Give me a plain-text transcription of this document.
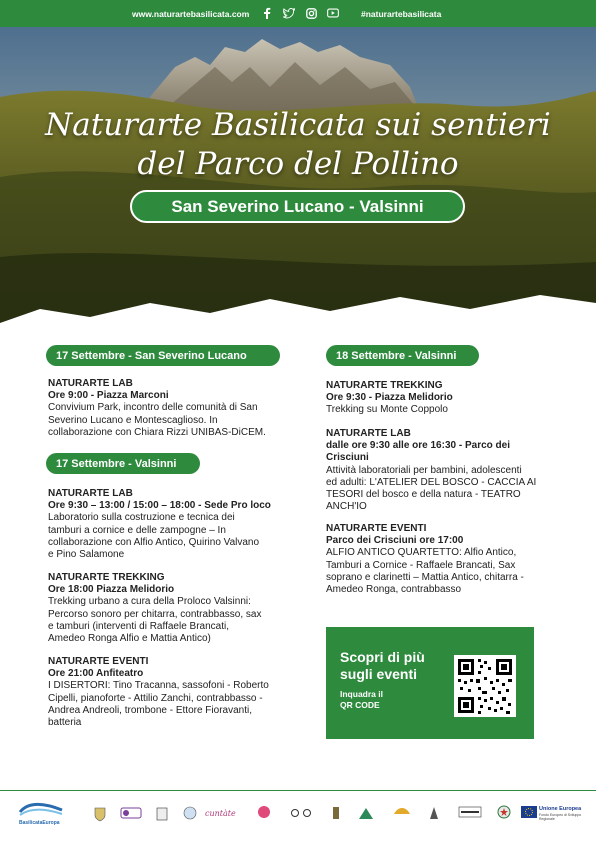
www.naturartebasilicata.com	#naturartebasilicata
Naturarte Basilicata sui sentieri
del Parco del Pollino
San Severino Lucano - Valsinni
17 Settembre - San Severino Lucano
NATURARTE LAB
Ore 9:00 - Piazza Marconi
Convivium Park, incontro delle comunità di San
Severino Lucano e Montescaglioso. In
collaborazione con Chiara Rizzi UNIBAS-DiCEM.
17 Settembre - Valsinni
NATURARTE LAB
Ore 9:30 – 13:00 / 15:00 – 18:00 - Sede Pro loco
Laboratorio sulla costruzione e tecnica dei
tamburi a cornice e delle zampogne – In
collaborazione con Alfio Antico, Quirino Valvano
e Pino Salamone
NATURARTE TREKKING
Ore 18:00 Piazza Melidorio
Trekking urbano a cura della Proloco Valsinni:
Percorso sonoro per chitarra, contrabbasso, sax
e tamburi (interventi di Raffaele Brancati,
Amedeo Ronga Alfio e Mattia Antico)
NATURARTE EVENTI
Ore 21:00 Anfiteatro
I DISERTORI: Tino Tracanna, sassofoni - Roberto
Cipelli, pianoforte - Attilio Zanchi, contrabbasso -
Andrea Andreoli, trombone - Ettore Fioravanti,
batteria
18 Settembre - Valsinni
NATURARTE TREKKING
Ore 9:30 - Piazza Melidorio
Trekking su Monte Coppolo
NATURARTE LAB
dalle ore 9:30 alle ore 16:30 - Parco dei
Crisciuni
Attività laboratoriali per bambini, adolescenti
ed adulti: L'ATELIER DEL BOSCO - CACCIA AI
TESORI del bosco e della natura - TEATRO
ANCH'IO
NATURARTE EVENTI
Parco dei Crisciuni ore 17:00
ALFIO ANTICO QUARTETTO: Alfio Antico,
Tamburi a Cornice - Raffaele Brancati, Sax
soprano e clarinetti – Mattia Antico, chitarra -
Amedeo Ronga, contrabbasso
Scopri di più
sugli eventi
Inquadra il
QR CODE
cuntàte
BasilicataEuropa
Unione Europea
Fondo Europeo di Sviluppo Regionale
